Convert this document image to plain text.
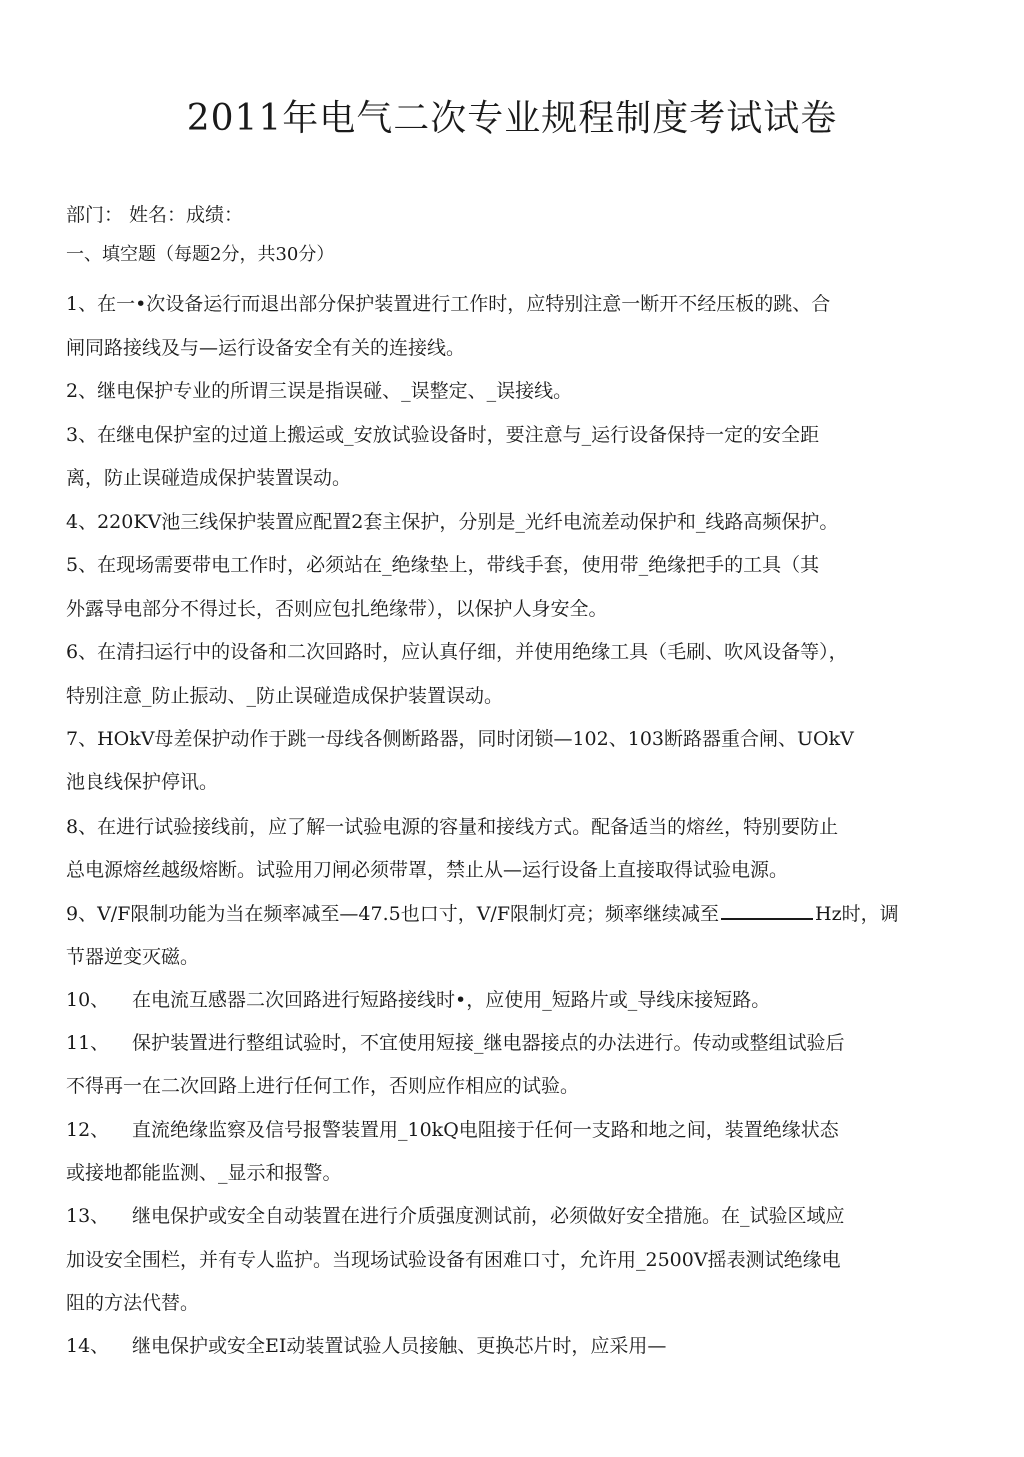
2011年电气二次专业规程制度考试试卷
部门： 姓名：成绩：
一、填空题（每题2分，共30分）
1、在一•次设备运行而退出部分保护装置进行工作时，应特别注意一断开不经压板的跳、合
闸同路接线及与—运行设备安全有关的连接线。
2、继电保护专业的所谓三误是指误碰、_误整定、_误接线。
3、在继电保护室的过道上搬运或_安放试验设备时，要注意与_运行设备保持一定的安全距
离，防止误碰造成保护装置误动。
4、220KV池三线保护装置应配置2套主保护，分别是_光纤电流差动保护和_线路高频保护。
5、在现场需要带电工作时，必须站在_绝缘垫上，带线手套，使用带_绝缘把手的工具（其
外露导电部分不得过长，否则应包扎绝缘带），以保护人身安全。
6、在清扫运行中的设备和二次回路时，应认真仔细，并使用绝缘工具（毛刷、吹风设备等），
特别注意_防止振动、_防止误碰造成保护装置误动。
7、HOkV母差保护动作于跳一母线各侧断路器，同时闭锁—102、103断路器重合闸、UOkV
池良线保护停讯。
8、在进行试验接线前，应了解一试验电源的容量和接线方式。配备适当的熔丝，特别要防止
总电源熔丝越级熔断。试验用刀闸必须带罩，禁止从—运行设备上直接取得试验电源。
9、V/F限制功能为当在频率减至—47.5也口寸，V/F限制灯亮；频率继续减至	Hz时，调
节器逆变灭磁。
10、 在电流互感器二次回路进行短路接线时•，应使用_短路片或_导线床接短路。
11、 保护装置进行整组试验时，不宜使用短接_继电器接点的办法进行。传动或整组试验后
不得再一在二次回路上进行任何工作，否则应作相应的试验。
12、 直流绝缘监察及信号报警装置用_10kQ电阻接于任何一支路和地之间，装置绝缘状态
或接地都能监测、_显示和报警。
13、 继电保护或安全自动装置在进行介质强度测试前，必须做好安全措施。在_试验区域应
加设安全围栏，并有专人监护。当现场试验设备有困难口寸，允许用_2500V摇表测试绝缘电
阻的方法代替。
14、 继电保护或安全EI动装置试验人员接触、更换芯片时，应采用—
